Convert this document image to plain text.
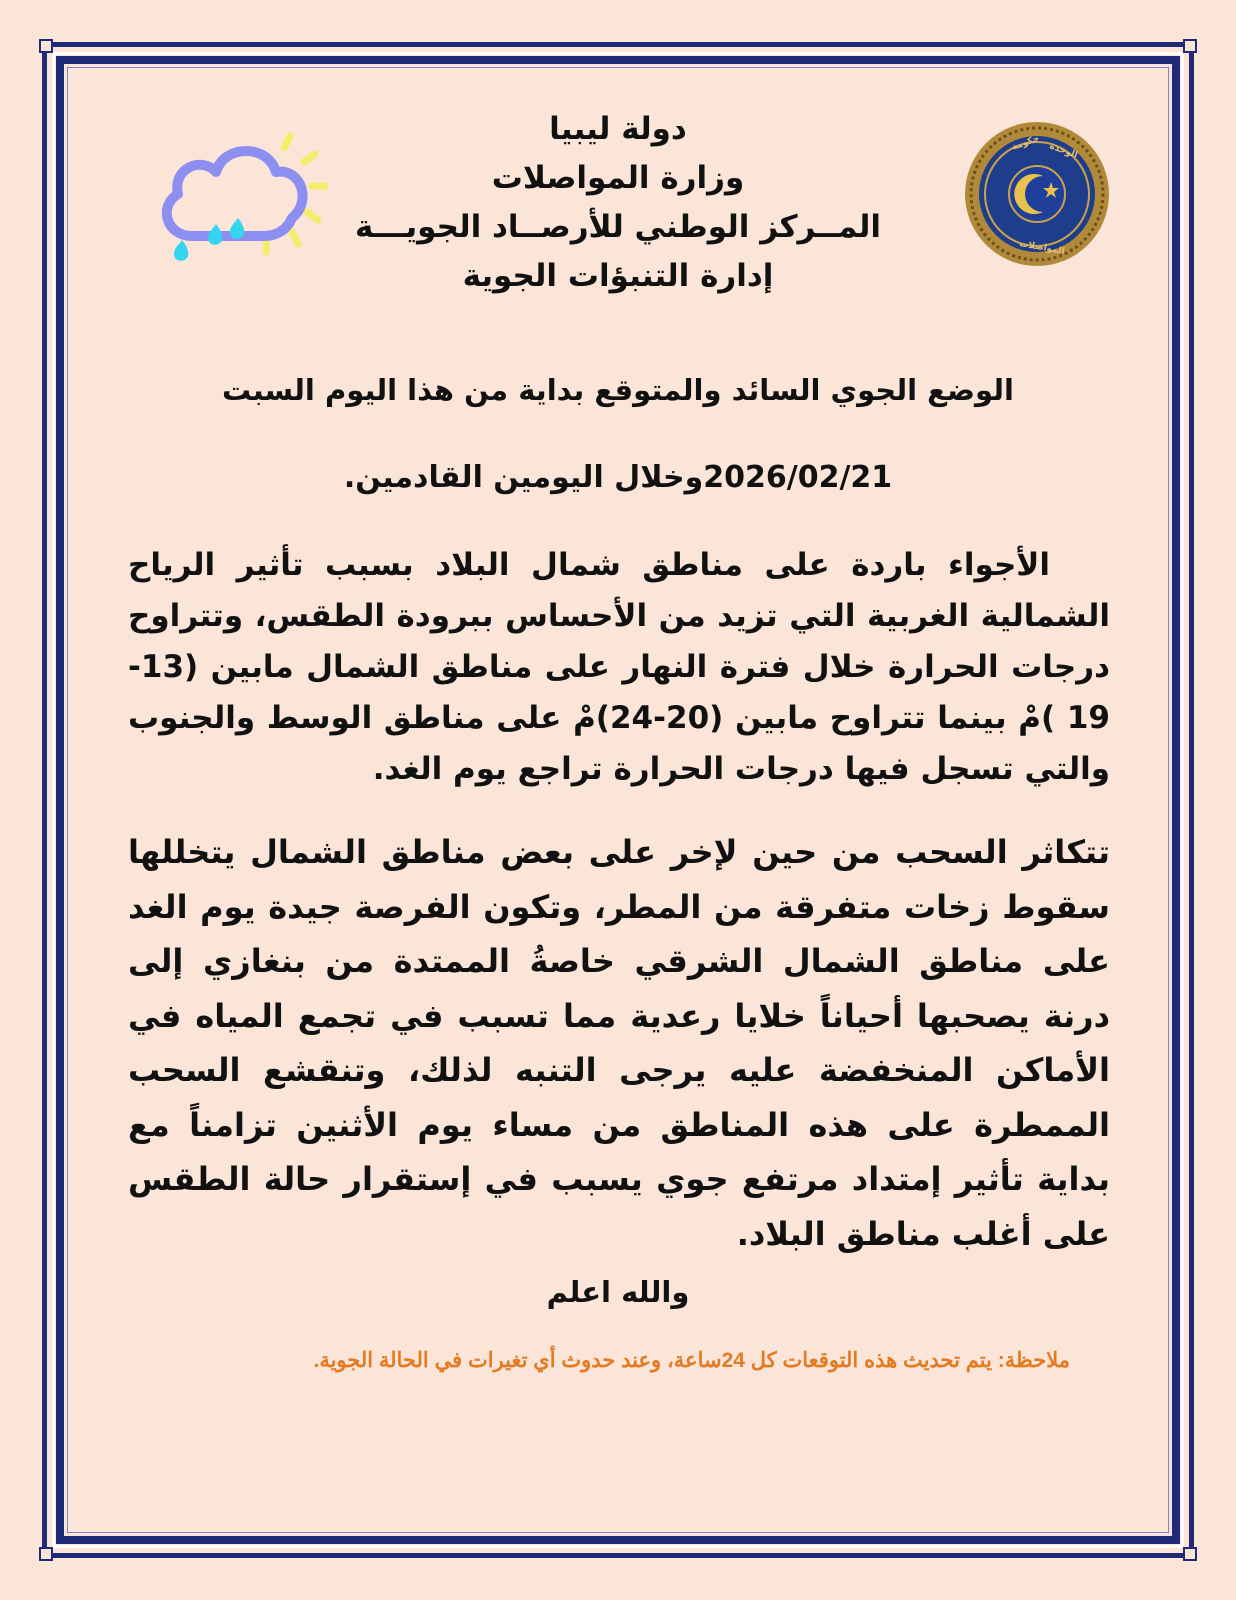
حكومة الوحدة
المواصلات
دولة ليبيا
وزارة المواصلات
المــركز الوطني للأرصــاد الجويـــة
إدارة التنبؤات الجوية
الوضع الجوي السائد والمتوقع بداية من هذا اليوم السبت
2026/02/21وخلال اليومين القادمين.
الأجواء باردة على مناطق شمال البلاد بسبب تأثير الرياح الشمالية الغربية التي تزيد من الأحساس ببرودة الطقس، وتتراوح درجات الحرارة خلال فترة النهار على مناطق الشمال مابين (13-19 )مْ بينما تتراوح مابين (20-24)مْ على مناطق الوسط والجنوب والتي تسجل فيها درجات الحرارة تراجع يوم الغد.
تتكاثر السحب من حين لإخر على بعض مناطق الشمال يتخللها سقوط زخات متفرقة من المطر، وتكون الفرصة جيدة يوم الغد على مناطق الشمال الشرقي خاصةُ الممتدة من بنغازي إلى درنة يصحبها أحياناً خلايا رعدية مما تسبب في تجمع المياه في الأماكن المنخفضة عليه يرجى التنبه لذلك، وتنقشع السحب الممطرة على هذه المناطق من مساء يوم الأثنين تزامناً مع بداية تأثير إمتداد مرتفع جوي يسبب في إستقرار حالة الطقس على أغلب مناطق البلاد.
والله اعلم
ملاحظة: يتم تحديث هذه التوقعات كل 24ساعة، وعند حدوث أي تغيرات في الحالة الجوية.
